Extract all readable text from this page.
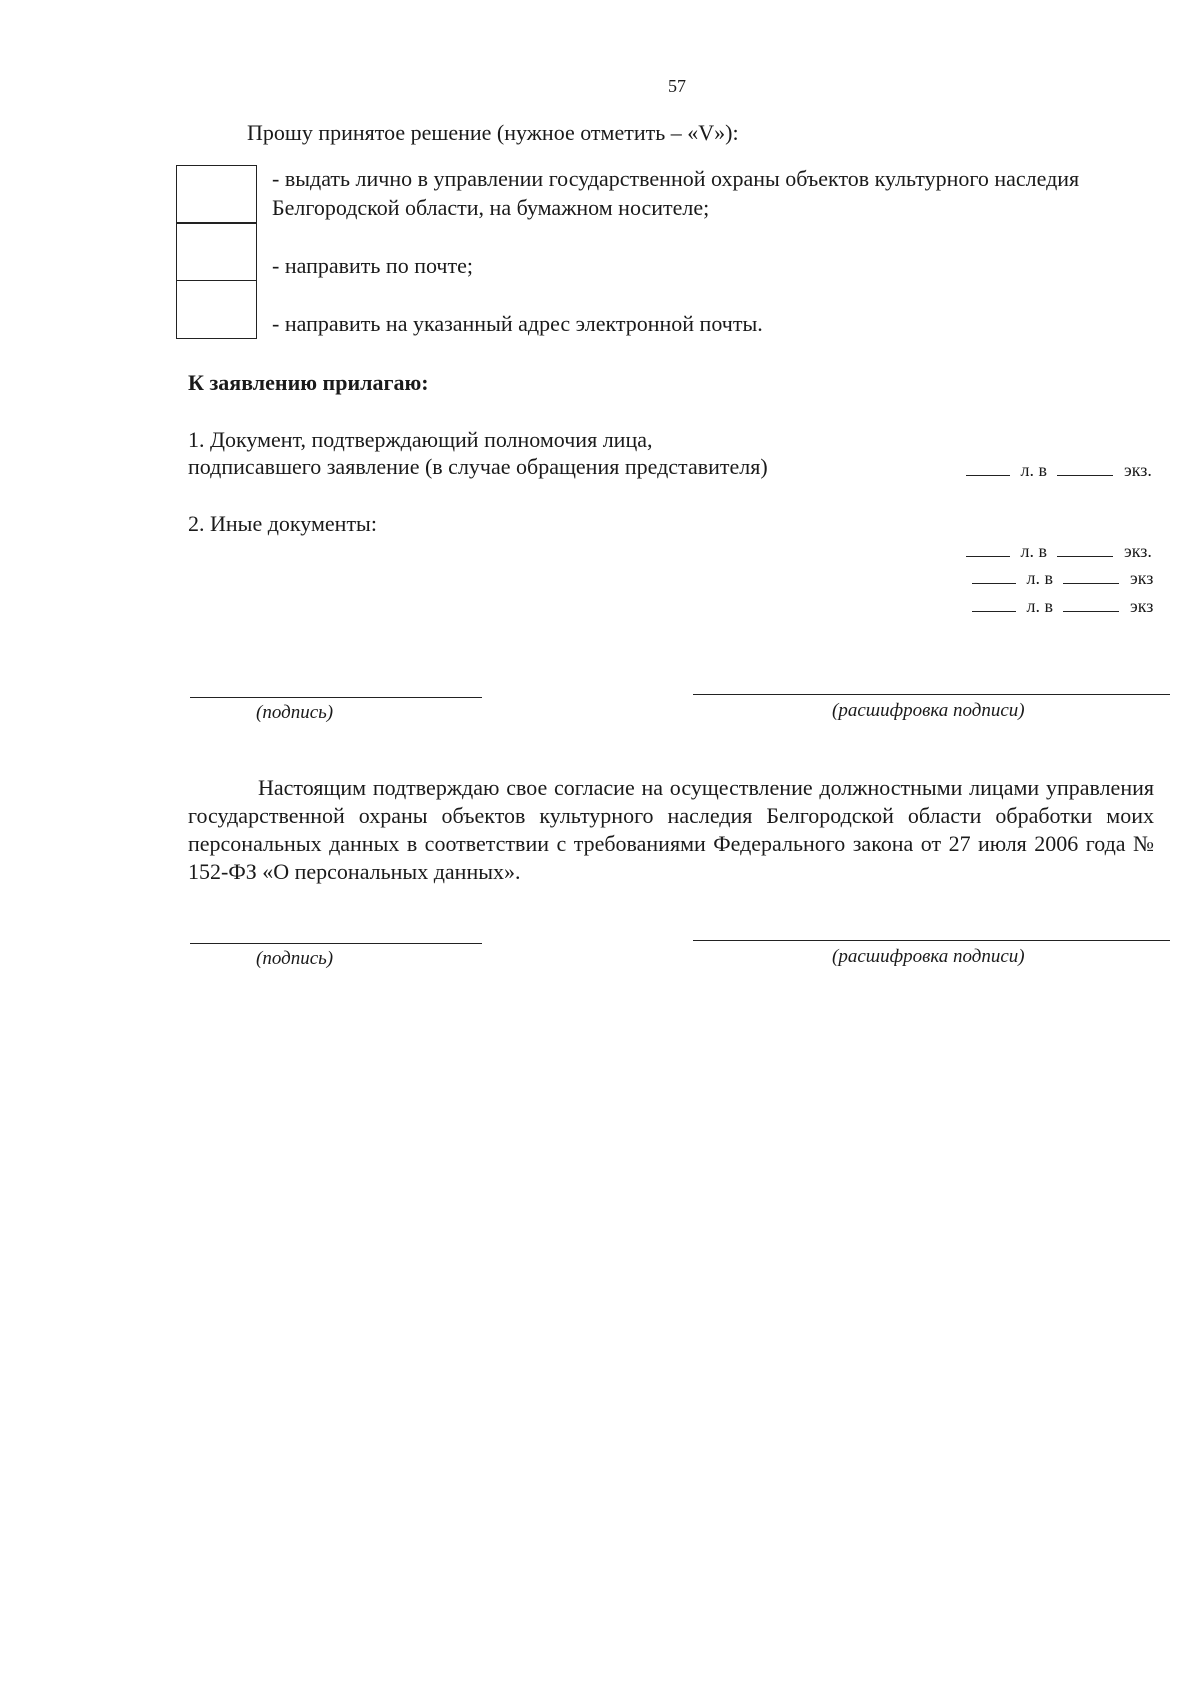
57
Прошу принятое решение (нужное отметить – «V»):
- выдать лично в управлении государственной охраны объектов культурного наследия
Белгородской области, на бумажном носителе;
- направить по почте;
- направить на указанный адрес электронной почты.
К заявлению прилагаю:
1. Документ, подтверждающий полномочия лица,
подписавшего заявление (в случае обращения представителя)	л. в	экз.
2. Иные документы:
л. в	экз.
л. в	экз
л. в	экз
(подпись)	(расшифровка подписи)
Настоящим подтверждаю свое согласие на осуществление должностными лицами управления государственной охраны объектов культурного наследия Белгородской области обработки моих персональных данных в соответствии с требованиями Федерального закона от 27 июля 2006 года № 152-ФЗ «О персональных данных».
(подпись)	(расшифровка подписи)
